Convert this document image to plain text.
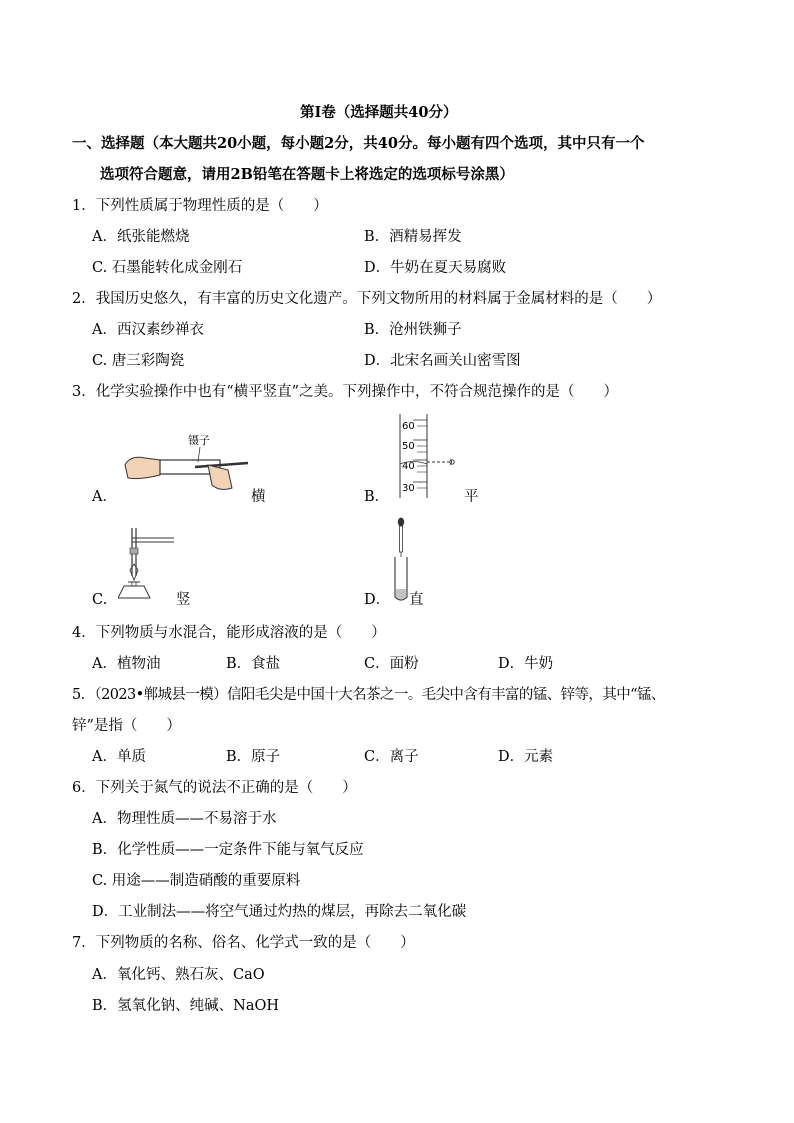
第Ⅰ卷（选择题共40分）
一、选择题（本大题共20小题，每小题2分，共40分。每小题有四个选项，其中只有一个
选项符合题意，请用2B铅笔在答题卡上将选定的选项标号涂黑）
1．下列性质属于物理性质的是（　　）
A．纸张能燃烧	B．酒精易挥发
C. 石墨能转化成金刚石	D．牛奶在夏天易腐败
2．我国历史悠久，有丰富的历史文化遗产。下列文物所用的材料属于金属材料的是（　　）
A．西汉素纱禅衣	B．沧州铁狮子
C. 唐三彩陶瓷	D．北宋名画关山密雪图
3．化学实验操作中也有“横平竖直”之美。下列操作中，不符合规范操作的是（　　）
A．
镊子
横	B．
60
50
40
30
平
C.	竖	D． 直
4．下列物质与水混合，能形成溶液的是（　　）
A．植物油	B．食盐	C．面粉	D．牛奶
5．（2023•郸城县一模）信阳毛尖是中国十大名茶之一。毛尖中含有丰富的锰、锌等，其中“锰、
锌”是指（　　）
A．单质	B．原子	C．离子	D．元素
6．下列关于氮气的说法不正确的是（　　）
A．物理性质——不易溶于水
B．化学性质——一定条件下能与氧气反应
C. 用途——制造硝酸的重要原料
D．工业制法——将空气通过灼热的煤层，再除去二氧化碳
7．下列物质的名称、俗名、化学式一致的是（　　）
A．氧化钙、熟石灰、CaO
B．氢氧化钠、纯碱、NaOH
